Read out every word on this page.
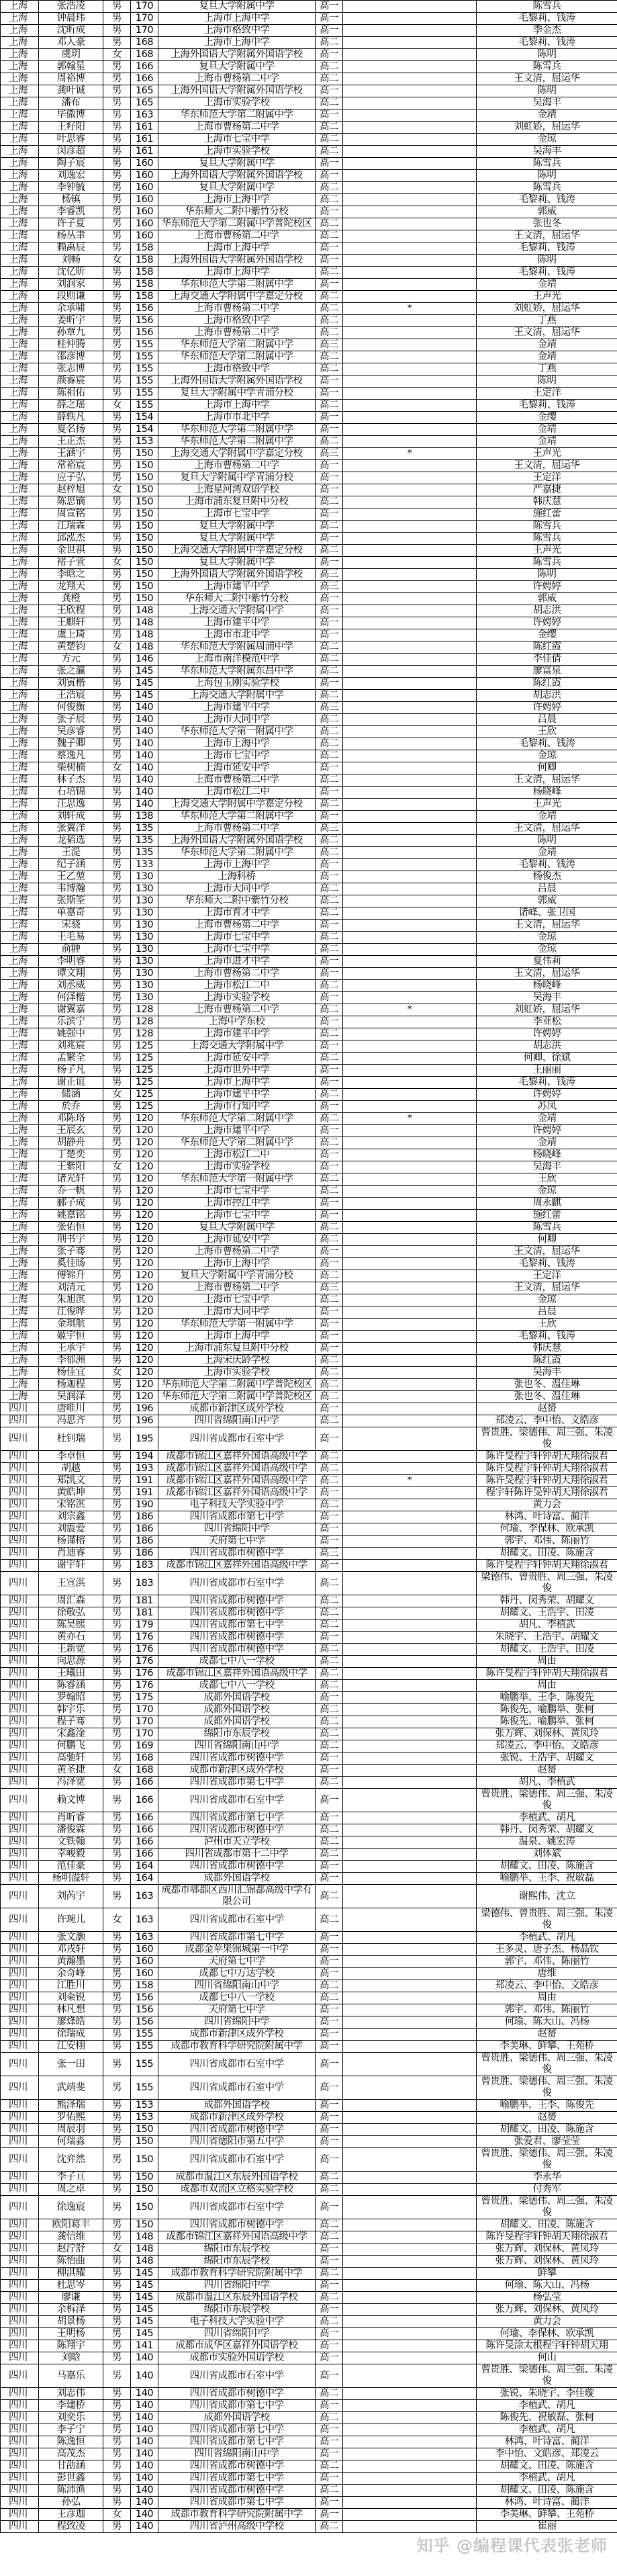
上海	张浩凌	男	170	复旦大学附属中学	高一		陈雪兵
上海	钟晨玮	男	170	上海市上海中学	高一		毛黎莉、钱涛
上海	沈昕成	男	170	上海市格致中学	高一		季金杰
上海	邓人豪	男	168	上海市上海中学	高二		毛黎莉、钱涛
上海	虞玥	女	168	上海外国语大学附属外国语学校	高一		陈明
上海	郭翰星	男	166	复旦大学附属中学	高二		陈雪兵
上海	周裕博	男	166	上海市曹杨第二中学	高二		王文清，屈运华
上海	龚叶诚	男	165	上海外国语大学附属外国语学校	高一		陈明
上海	潘布	男	165	上海市实验学校	高二		吴海丰
上海	毕傲博	男	163	华东师范大学第二附属中学	高一		金靖
上海	王籽阳	男	161	上海市曹杨第二中学	高二		刘虹娇，屈运华
上海	叶思睿	男	161	上海市七宝中学	高二		金琼
上海	闵彦超	男	161	上海市实验学校	高二		吴海丰
上海	陶子宸	男	160	复旦大学附属中学	高一		陈雪兵
上海	刘逸宏	男	160	上海外国语大学附属外国语学校	高一		陈明
上海	李钟毓	男	160	复旦大学附属中学	高二		陈雪兵
上海	杨镇	男	160	上海市上海中学	高二		毛黎莉、钱涛
上海	李睿凯	男	160	华东师大二附中紫竹分校	高一		郭威
上海	许子夏	男	160	华东师范大学第二附属中学普陀校区	高二		张也冬
上海	杨丛聿	男	160	上海市曹杨第二中学	高二		王文清，屈运华
上海	赖禹辰	男	158	上海市上海中学	高一		毛黎莉、钱涛
上海	刘畅	女	158	上海外国语大学附属外国语学校	高一		陈明
上海	沈亿昕	男	158	上海市上海中学	高二		毛黎莉、钱涛
上海	刘润家	男	158	华东师范大学第二附属中学	高一		金靖
上海	段则谦	男	158	上海交通大学附属中学嘉定分校	高二		王声光
上海	余承啸	男	156	上海市曹杨第二中学	高二	*	刘虹娇，屈运华
上海	姜昕宇	男	156	上海市格致中学	高二		丁燕
上海	孙章九	男	156	上海市曹杨第二中学	高二		王文清，屈运华
上海	桂仲腾	男	155	华东师范大学第二附属中学	高三		金靖
上海	邵彦博	男	155	华东师范大学第二附属中学	高二		金靖
上海	张志博	男	155	上海市格致中学	高二		丁燕
上海	颜睿宸	男	155	上海外国语大学附属外国语学校	高一		陈明
上海	陈祖佑	男	155	复旦大学附属中学青浦分校	高一		王定洋
上海	薛之瑶	女	155	上海市上海中学	高二		毛黎莉、钱涛
上海	薛轶凡	男	154	上海市市北中学	高一		金缨
上海	夏名扬	男	154	华东师范大学第二附属中学	高一		金靖
上海	王正杰	男	153	华东师范大学第二附属中学	高二		金靖
上海	王涵宇	男	150	上海交通大学附属中学嘉定分校	高三	*	王声光
上海	常裕宸	男	150	上海市曹杨第二中学	高一		王文清，屈运华
上海	应子弘	男	150	复旦大学附属中学青浦分校	高一		王定洋
上海	赵梓旭	女	150	上海星河湾双语学校	高一		严嘉捷
上海	陈思镝	男	150	上海市浦东复旦附中分校	高二		韩庆慧
上海	周宣铭	男	150	上海市七宝中学	高一		施红蕾
上海	江瑞霖	男	150	复旦大学附属中学	高二		陈雪兵
上海	邱泓杰	男	150	复旦大学附属中学	高一		陈雪兵
上海	金世祺	男	150	上海交通大学附属中学嘉定分校	高二		王声光
上海	褚子萱	女	150	复旦大学附属中学	高一		陈雪兵
上海	李晗之	男	150	上海外国语大学附属外国语学校	高三		陈明
上海	龙翔天	男	150	上海市建平中学	高三		许娉婷
上海	龚橙	男	150	华东师大二附中紫竹分校	高一		郭威
上海	王欣程	男	148	上海交通大学附属中学	高一		胡志洪
上海	王麒轩	男	148	上海市建平中学	高一		许娉婷
上海	虞上琦	男	148	上海市市北中学	高一		金缨
上海	黄楚钧	女	148	华东师范大学附属周浦中学	高二		陈红霞
上海	方元	男	146	上海市南洋模范中学	高二		李佳倩
上海	张之瀛	男	145	华东师范大学附属东昌中学	高二		廖富泉
上海	刘寅楷	男	145	上海包玉刚实验学校	高一		陈红霞
上海	王浩宸	男	145	上海交通大学附属中学	高二		胡志洪
上海	何俊衡	男	140	上海市建平中学	高三		许娉婷
上海	张子辰	男	140	上海市大同中学	高二		吕晨
上海	吴彦睿	男	140	华东师范大学第一附属中学	高二		王欣
上海	魏子卿	男	140	上海市上海中学	高二		毛黎莉、钱涛
上海	蔡逸凡	男	140	上海市七宝中学	高二		金琼
上海	柴树楠	女	140	上海市延安中学	高一		何卿
上海	林子杰	男	140	上海市曹杨第二中学	高二		王文清，屈运华
上海	石培锦	男	140	上海市松江二中	高一		杨晓峰
上海	汪思逸	男	140	上海交通大学附属中学嘉定分校	高二		王声光
上海	刘轩成	男	138	华东师范大学第二附属中学	高一		金靖
上海	张翼洋	男	135	上海市曹杨第二中学	高三		王文清，屈运华
上海	龙韬选	男	135	上海外国语大学附属外国语学校	高二		陈明
上海	王湜	男	135	华东师范大学第二附属中学	高二		金靖
上海	纪子涵	男	133	上海市上海中学	高一		毛黎莉、钱涛
上海	王乙堃	男	130	上海科桥	高一		杨俊杰
上海	韦博瀚	男	130	上海市大同中学	高二		吕晨
上海	张斯筌	男	130	华东师大二附中紫竹分校	高二		郭威
上海	单嘉奇	男	130	上海市育才中学	高二		诸峰、张卫国
上海	宋骁	男	130	上海市曹杨第二中学	高一		王文清，屈运华
上海	王毛易	男	130	上海市七宝中学	高二		金琼
上海	俞翀	男	130	上海市七宝中学	高二		金琼
上海	李明睿	男	130	上海市进才中学	高一		夏伟莉
上海	谭文翔	男	130	上海市曹杨第二中学	高一		王文清，屈运华
上海	刘丞威	男	130	上海市松江二中	高二		杨晓峰
上海	何泽楷	男	130	上海市实验学校	高一		吴海丰
上海	谢翼嘉	男	128	上海市曹杨第二中学	高二	*	刘虹娇，屈运华
上海	乐滨宁	男	128	上海中学东校	高一		李亚松
上海	姚强中	男	128	上海市建平中学	高二		许娉婷
上海	刘兆宸	男	125	上海交通大学附属中学	高一		胡志洪
上海	孟繁全	男	125	上海市延安中学	高二		何卿、徐斌
上海	杨子凡	男	125	上海市世外中学	高一		王丽丽
上海	谢正谊	男	125	上海市上海中学	高一		毛黎莉、钱涛
上海	储涵	女	125	上海市建平中学	高二		许娉婷
上海	於乔	男	125	上海市行知中学	高一		苏凤
上海	邓陈珞	男	120	华东师范大学第二附属中学	高二	*	金靖
上海	王辰玄	男	120	上海市建平中学	高一		许娉婷
上海	胡静舟	男	120	华东师范大学第二附属中学	高二		金靖
上海	丁楚奕	男	120	上海市松江二中	高一		杨晓峰
上海	王紫阳	女	120	上海市实验学校	高一		吴海丰
上海	诸光轩	男	120	华东师范大学第一附属中学	高二		王欣
上海	乔一帆	男	120	上海市七宝中学	高二		金琼
上海	郦子成	男	120	上海市控江中学	高一		周永麒
上海	姚嘉铭	男	120	上海市七宝中学	高一		施红蕾
上海	张佑恒	男	120	复旦大学附属中学	高二		陈雪兵
上海	荆书宇	男	120	上海市延安中学	高二		何卿
上海	张子骞	男	120	上海市曹杨第二中学	高一		王文清，屈运华
上海	奚佳旸	男	120	上海市上海中学	高一		毛黎莉、钱涛
上海	傅锦升	男	120	复旦大学附属中学青浦分校	高二		王定洋
上海	刘清元	男	120	上海市曹杨第二中学	高三		王文清，屈运华
上海	朱旭淇	男	120	上海市七宝中学	高二		金琼
上海	江俊晔	男	120	上海市大同中学	高一		吕晨
上海	金琪航	男	120	华东师范大学第一附属中学	高一		王欣
上海	姬宇恒	男	120	上海市上海中学	高一		毛黎莉、钱涛
上海	王承宇	男	120	上海市浦东复旦附中分校	高一		韩庆慧
上海	李郁洲	男	120	上海宋庆龄学校	高二		陈红霞
上海	杨佳宜	女	120	上海市实验学校	高二		吴海丰
上海	杨迦程	男	120	华东师范大学第二附属中学普陀校区	高二		张也冬、温佳琳
上海	吴润泽	男	120	华东师范大学第二附属中学普陀校区	高二		张也冬、温佳琳
四川	唐唯川	男	196	成都市新津区成外学校	高一		赵赟
四川	冯思齐	男	196	四川省绵阳南山中学	高二		郑凌云、李中怡、文皓彦
四川	杜钊瑞	男	195	四川省成都市石室中学	高一		曾贵胜、梁德伟、周三强、朱凌俊
四川	李卓恒	男	194	成都市锦江区嘉祥外国语高级中学	高二		陈许旻程宇轩钟胡天翔徐淑君
四川	胡越	男	193	成都市锦江区嘉祥外国语高级中学	高二		陈许旻程宇轩钟胡天翔徐淑君
四川	郑凯文	男	191	成都市锦江区嘉祥外国语高级中学	高二	*	陈许旻程宇轩钟胡天翔徐淑君
四川	黄皓坤	男	191	成都市锦江区嘉祥外国语高级中学	高一		程宇轩陈许旻钟胡天翔徐淑君
四川	宋铭淇	男	190	电子科技大学实验中学	高二		黄力会
四川	刘宗鑫	男	186	四川省成都市第七中学	高一		林鸿、叶诗富、蔺洋
四川	刘震爱	男	186	四川省绵阳中学	高一		何瑜、李保林、欧承凯
四川	杨谨榕	男	186	天府第七中学	高一		郭宇、邓伟、陈丽竹
四川	肖迪睿	男	186	四川省成都市树德中学	高三		胡耀文、田凌、陈施含
四川	谢宇轩	男	183	成都市锦江区嘉祥外国语高级中学	高一		陈许旻程宇轩钟胡天翔徐淑君
四川	王宣淇	男	183	四川省成都市石室中学	高二		梁德伟、曾贵胜、周三强、朱凌俊
四川	周汇森	男	181	四川省成都市树德中学	高二		韩丹、闵秀荣、胡耀文
四川	徐敬弘	男	181	四川省成都市树德中学	高二		胡耀文、王浩宇、田凌
四川	陈昊熙	男	179	四川省成都市第七中学	高二		胡凡、李植武
四川	黄亦石	男	176	四川省成都市树德中学	高一		朱晓宇、王浩宇、胡耀文
四川	王新宽	男	176	四川省成都市树德中学	高二		胡耀文、王浩宇、田凌
四川	向思源	男	176	成都七中八一学校	高二		周由
四川	王曦田	男	176	成都市锦江区嘉祥外国语高级中学	高二		陈许旻程宇轩钟胡天翔徐淑君
四川	陈睿涵	男	176	成都七中八一学校	高二		周由
四川	罗翰昭	男	175	成都外国语学校	高一		喻鹏举、王李、陈俊先
四川	韩宇乐	男	170	成都外国语学校	高二		陈俊先、喻鹏举、张柯
四川	程子骞	男	170	成都外国语学校	高二		陈俊先、喻鹏举、张柯
四川	宋鑫淦	男	170	绵阳市东辰学校	高二		张万辉、刘保林、黄凤玲
四川	何鹏飞	男	169	四川省绵阳南山中学	高二		郑凌云、李中怡、文皓彦
四川	高驰轩	男	168	四川省成都市树德中学	高一		张锐、王浩宇、胡耀文
四川	黄圣捷	女	168	成都市新津区成外学校	高一		赵赟
四川	冯泽宽	男	166	四川省成都市第七中学	高二		胡凡、李植武
四川	赖文博	男	166	四川省成都市石室中学	高一		曾贵胜、梁德伟、周三强、朱凌俊
四川	肖昕睿	男	166	四川省成都市第七中学	高一		李植武、胡凡
四川	潘俊霖	男	166	四川省成都市树德中学	高二		韩丹、闵秀荣、胡耀文
四川	文铁翰	男	166	泸州市天立学校	高二		温泉、姚宏涛
四川	幸峻毅	男	166	四川省成都市第十二中学	高二		刘体斌
四川	范佳豪	男	164	四川省成都市树德中学	高一		胡耀文、田凌、陈施含
四川	杨明溢轩	男	164	成都外国语学校	高一		喻鹏举、王李、祝敏磊
四川	刘芮宇	男	163	成都市郫都区西川汇锦都高级中学有限公司	高二		谢熙伟、沈立
四川	许琬儿	女	163	四川省成都市石室中学	高二		梁德伟、曾贵胜、周三强、朱凌俊
四川	张文灏	男	163	四川省成都市第七中学	高一		李植武、胡凡
四川	邓戎轩	男	160	成都金苹果锦城第一中学	高一		王多灵、唐子杰、杨晶钦
四川	黄瀚墨	男	160	天府第七中学	高一		郭宇、邓伟、陈丽竹
四川	余奇峰	男	160	成都七中万达学校	高一		唐维
四川	江胜川	男	158	四川省绵阳南山中学	高二		郑凌云、李中怡、文皓彦
四川	刘籴锐	男	156	成都七中八一学校	高二		周由
四川	林凡想	男	156	天府第七中学	高一		郭宇、邓伟、陈丽竹
四川	廖烽皓	男	156	四川省绵阳中学	高一		何瑜、陈大山、冯杨
四川	徐瑞成	男	155	成都市新津区成外学校	高一		赵赟
四川	江安栩	男	155	成都市教育科学研究院附属中学	高一		李美琳、鲜攀、王苑桥
四川	张一田	男	155	四川省成都市石室中学	高一		曾贵胜、梁德伟、周三强、朱凌俊
四川	武靖斐	男	155	四川省成都市石室中学	高一		曾贵胜、梁德伟、周三强、朱凌俊
四川	熊泽瑞	男	153	成都外国语学校	高一		喻鹏举、王李、陈俊先
四川	罗佑熙	男	153	成都市新津区成外学校	高一		赵赟
四川	周辰羽	男	150	四川省成都市树德中学	高一		胡耀文、田凌、陈施含
四川	何瑞淼	男	150	四川省德阳市第五中学	高一		张爱君、廖莹莹
四川	沈弈然	男	150	四川省成都市石室中学	高一		曾贵胜、梁德伟、周三强、朱凌俊
四川	李子亘	男	150	成都市温江区东辰外国语学校	高二		李永华
四川	周之卓	男	150	成都市双流区立格实验学校	高二		付秀军
四川	徐逸宸	男	150	四川省成都市石室中学	高一		曾贵胜、梁德伟、周三强、朱凌俊
四川	欧阳葛丰	男	150	四川省成都市树德中学	高二		胡耀文、田凌、陈施含
四川	龚信维	男	148	成都市锦江区嘉祥外国语高级中学	高二		陈许旻程宇轩钟胡天翔徐淑君
四川	赵泞舒	女	148	绵阳市东辰学校	高一		张万辉、刘保林、黄凤玲
四川	陈怡曲	男	148	绵阳市东辰学校	高一		张万辉、刘保林、黄凤玲
四川	柳淇耀	男	145	成都市教育科学研究院附属中学	高二		鲜攀
四川	杜思岑	男	145	四川省绵阳中学	高一		何瑜、陈大山、冯杨
四川	廖谦	男	145	成都市温江区东辰外国语学校	高二		杨弘莹
四川	余柝泽	男	145	绵阳市东辰学校	高一		张万辉、刘保林、黄凤玲
四川	胡景杨	男	145	电子科技大学实验中学	高二		黄力会
四川	王明杨	男	145	四川省绵阳中学	高一		何瑜、李保林、欧承凯
四川	陈翔宇	男	141	成都市成华区嘉祥外国语学校	高一		陈许旻涂太根程宇轩钟胡天翔
四川	刘晗	男	140	成都市实验外国语学校	高一		何山
四川	马嘉乐	男	140	四川省成都市石室中学	高一		曾贵胜、梁德伟、周三强、朱凌俊
四川	刘志伟	男	140	四川省成都市树德中学	高二		张锐、朱晓宇、李佳璇
四川	李建桥	男	140	四川省成都市第七中学	高一		李植武、胡凡
四川	刘奕乐	男	140	成都外国语学校	高二		陈俊先、祝敏磊、张柯
四川	李子宁	男	140	四川省成都市第七中学	高一		李植武、胡凡
四川	陈逸恒	男	140	四川省成都市第七中学	高一		林鸿、叶诗富、蔺洋
四川	高茂杰	男	140	四川省绵阳南山中学	高一		李中怡、文皓彦、郑凌云
四川	甘劭涵	男	140	四川省成都市树德中学	高二		胡耀文、田凌、陈施含
四川	彭世鑫	男	140	四川省成都市第七中学	高一		李植武、胡凡
四川	陈沛渔	男	140	四川省成都市树德中学	高二		胡耀文、田凌、陈施含
四川	孙弘	男	140	四川省成都市第七中学	高一		林鸿、叶诗富、蔺洋
四川	王彦迦	女	140	成都市教育科学研究院附属中学	高一		李美琳、鲜攀、王苑桥
四川	程致凌	男	140	四川省泸州高级中学校	高二		崔丽
知乎 @编程课代表张老师
